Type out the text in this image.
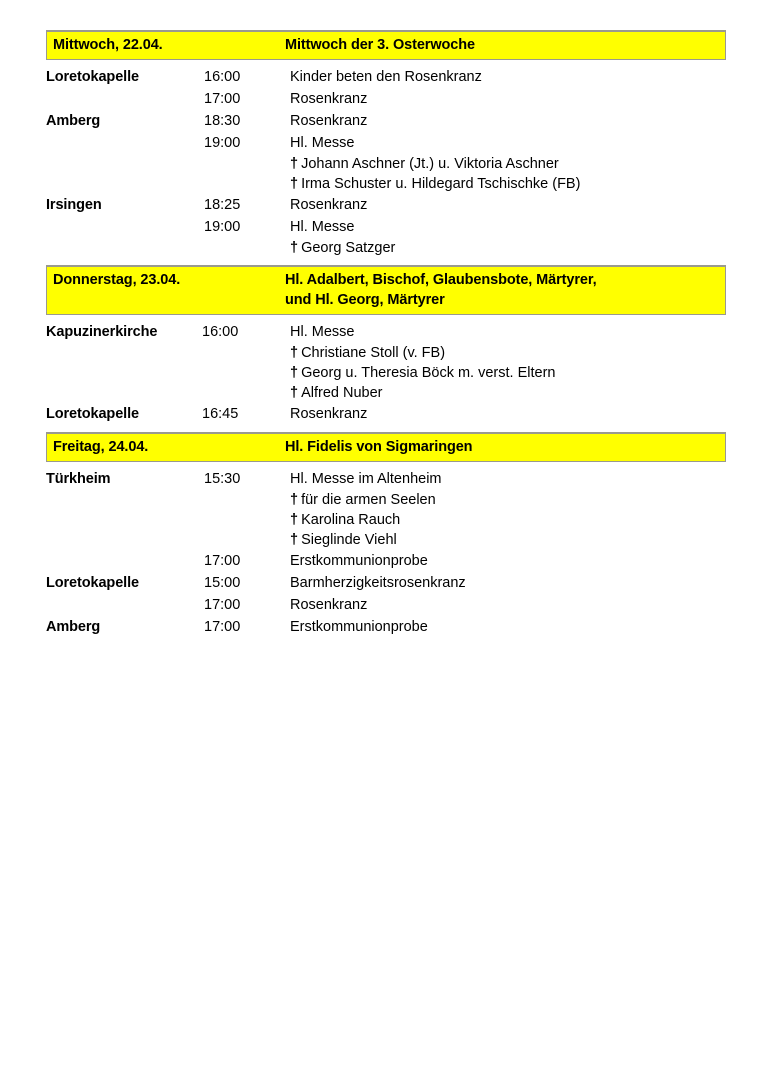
Mittwoch, 22.04.	Mittwoch der 3. Osterwoche
Loretokapelle	16:00	Kinder beten den Rosenkranz
17:00	Rosenkranz
Amberg	18:30	Rosenkranz
19:00	Hl. Messe
† Johann Aschner (Jt.) u. Viktoria Aschner
† Irma Schuster u. Hildegard Tschischke (FB)
Irsingen	18:25	Rosenkranz
19:00	Hl. Messe
† Georg Satzger
Donnerstag, 23.04.	Hl. Adalbert, Bischof, Glaubensbote, Märtyrer,
und Hl. Georg, Märtyrer
Kapuzinerkirche	16:00	Hl. Messe
† Christiane Stoll (v. FB)
† Georg u. Theresia Böck m. verst. Eltern
† Alfred Nuber
Loretokapelle	16:45	Rosenkranz
Freitag, 24.04.	Hl. Fidelis von Sigmaringen
Türkheim	15:30	Hl. Messe im Altenheim
† für die armen Seelen
† Karolina Rauch
† Sieglinde Viehl
17:00	Erstkommunionprobe
Loretokapelle	15:00	Barmherzigkeitsrosenkranz
17:00	Rosenkranz
Amberg	17:00	Erstkommunionprobe
